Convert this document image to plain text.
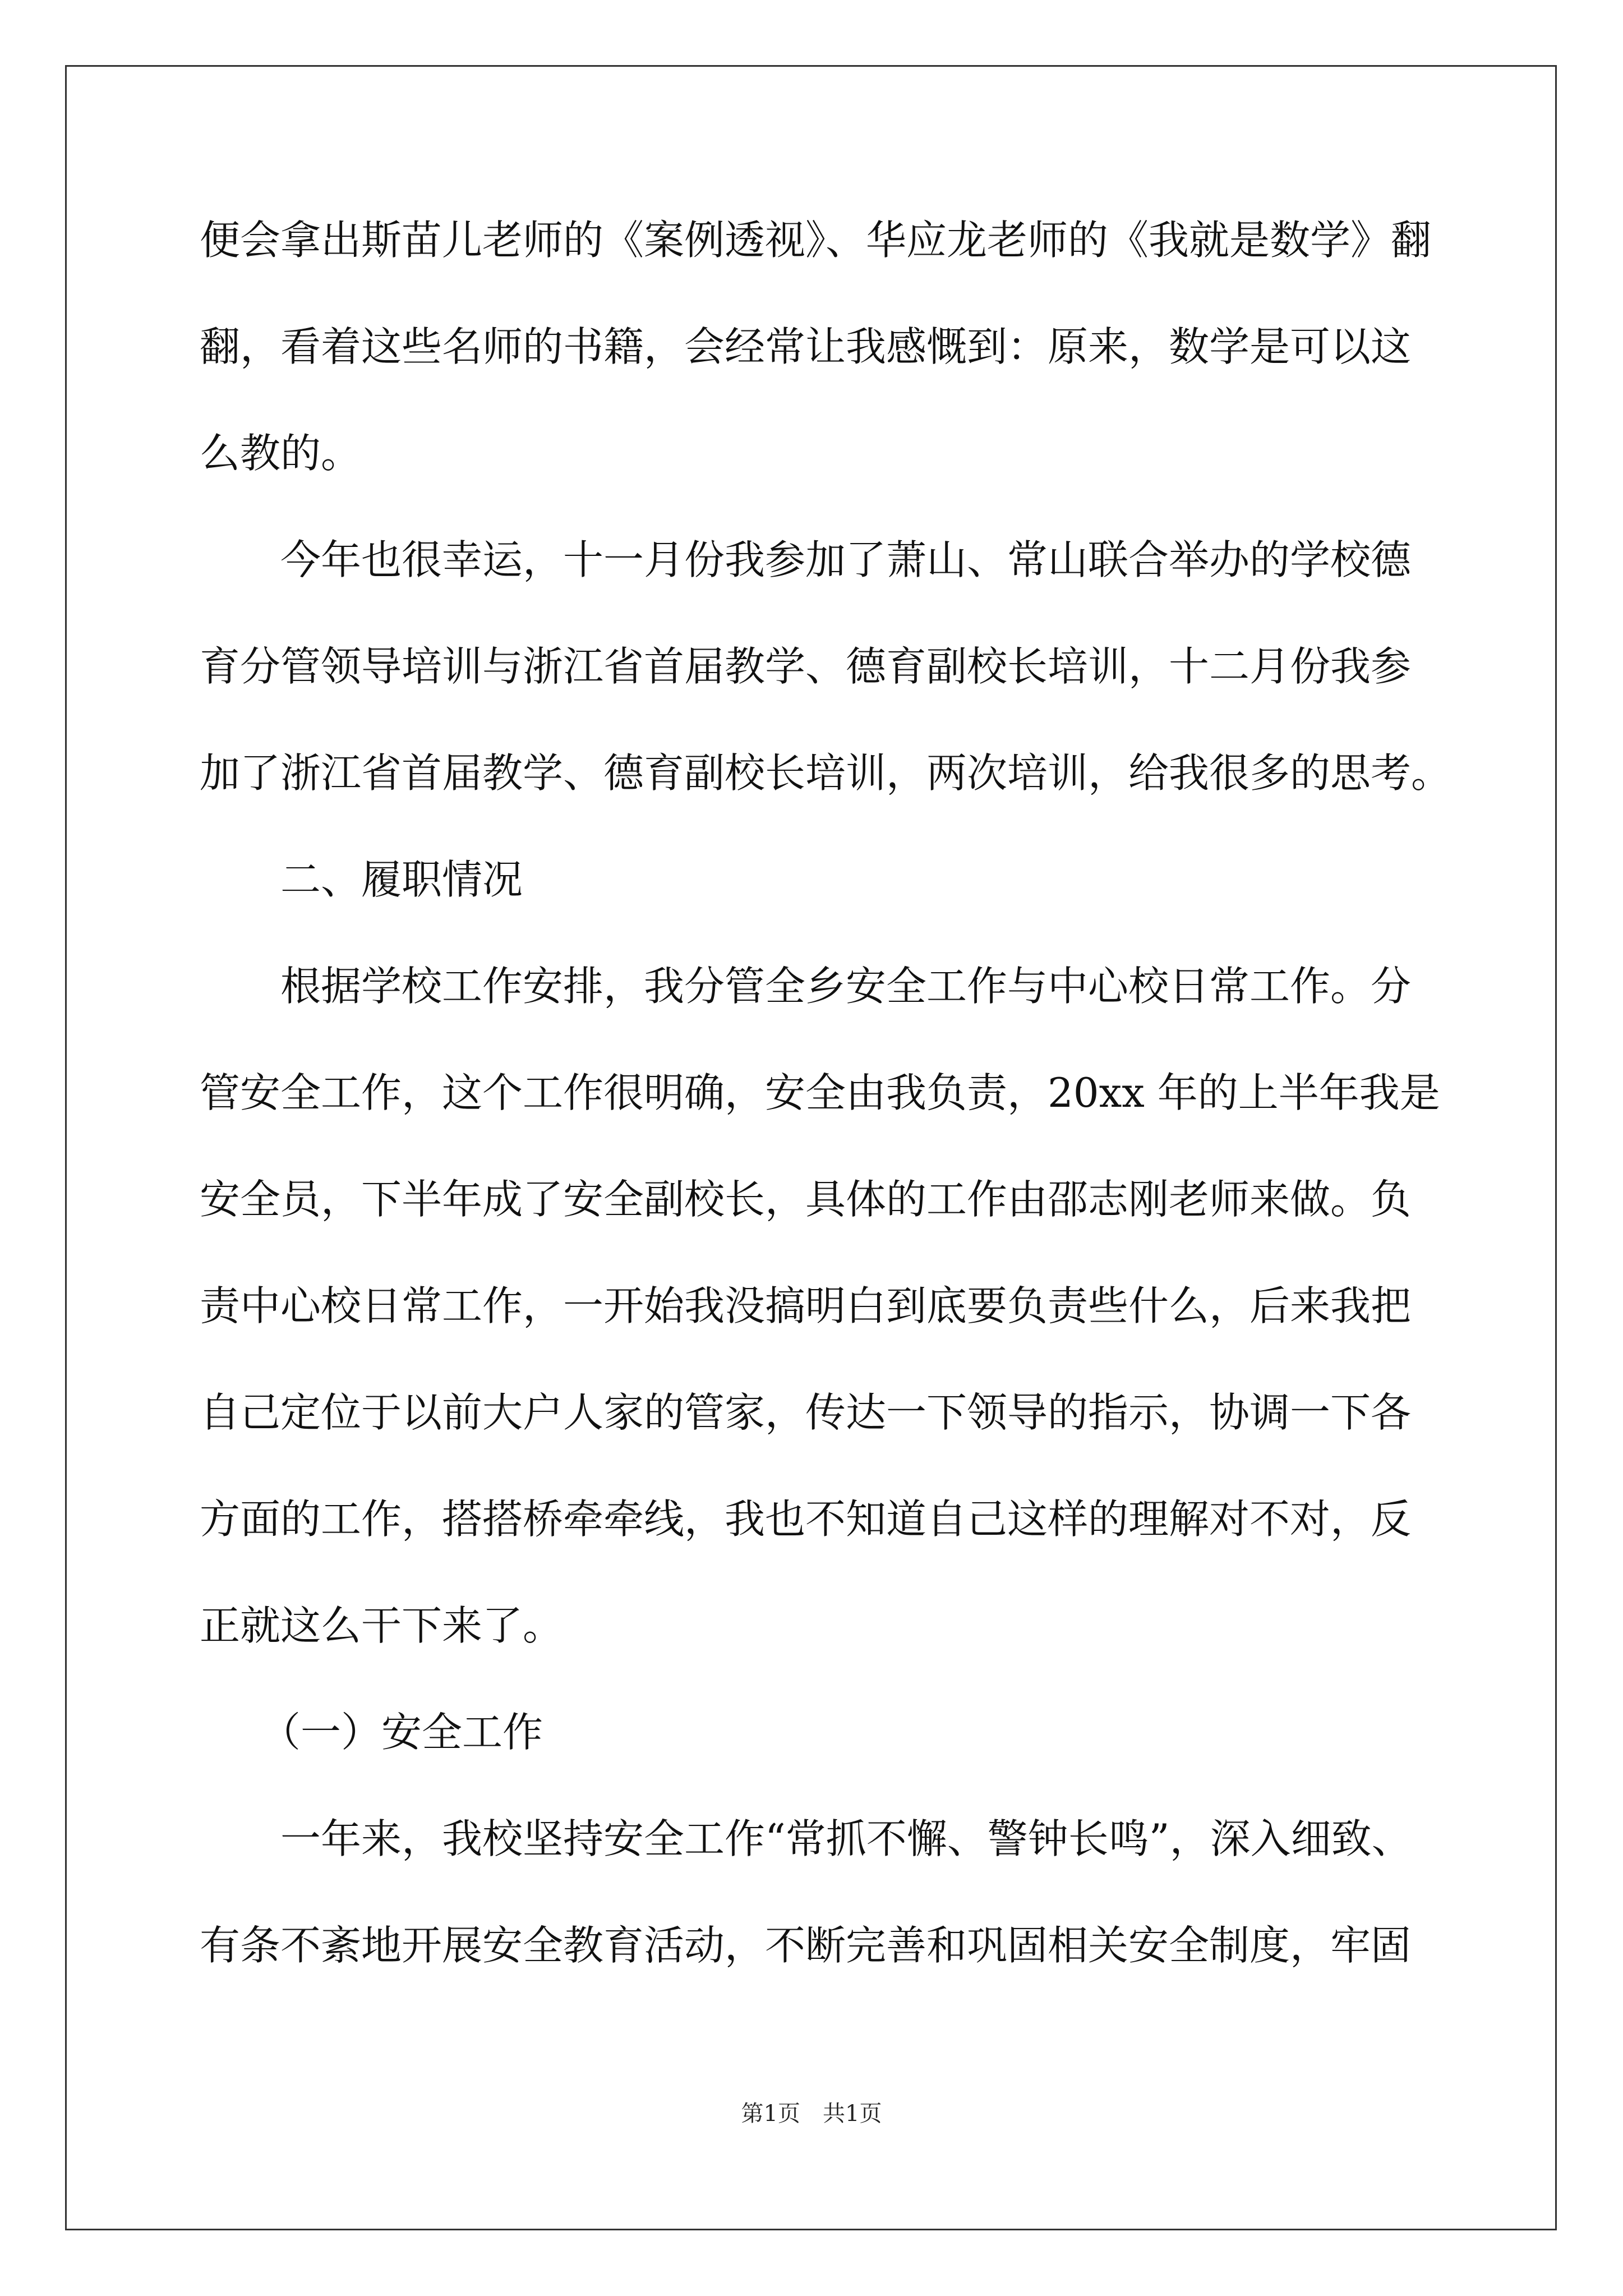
便会拿出斯苗儿老师的《案例透视》、华应龙老师的《我就是数学》翻
翻，看着这些名师的书籍，会经常让我感慨到：原来，数学是可以这
么教的。
　　今年也很幸运，十一月份我参加了萧山、常山联合举办的学校德
育分管领导培训与浙江省首届教学、德育副校长培训，十二月份我参
加了浙江省首届教学、德育副校长培训，两次培训，给我很多的思考。
　　二、履职情况
　　根据学校工作安排，我分管全乡安全工作与中心校日常工作。分
管安全工作，这个工作很明确，安全由我负责，20xx 年的上半年我是
安全员，下半年成了安全副校长，具体的工作由邵志刚老师来做。负
责中心校日常工作，一开始我没搞明白到底要负责些什么，后来我把
自己定位于以前大户人家的管家，传达一下领导的指示，协调一下各
方面的工作，搭搭桥牵牵线，我也不知道自己这样的理解对不对，反
正就这么干下来了。
　　（一）安全工作
　　一年来，我校坚持安全工作“常抓不懈、警钟长鸣”，深入细致、
有条不紊地开展安全教育活动，不断完善和巩固相关安全制度，牢固
第1页　共1页
